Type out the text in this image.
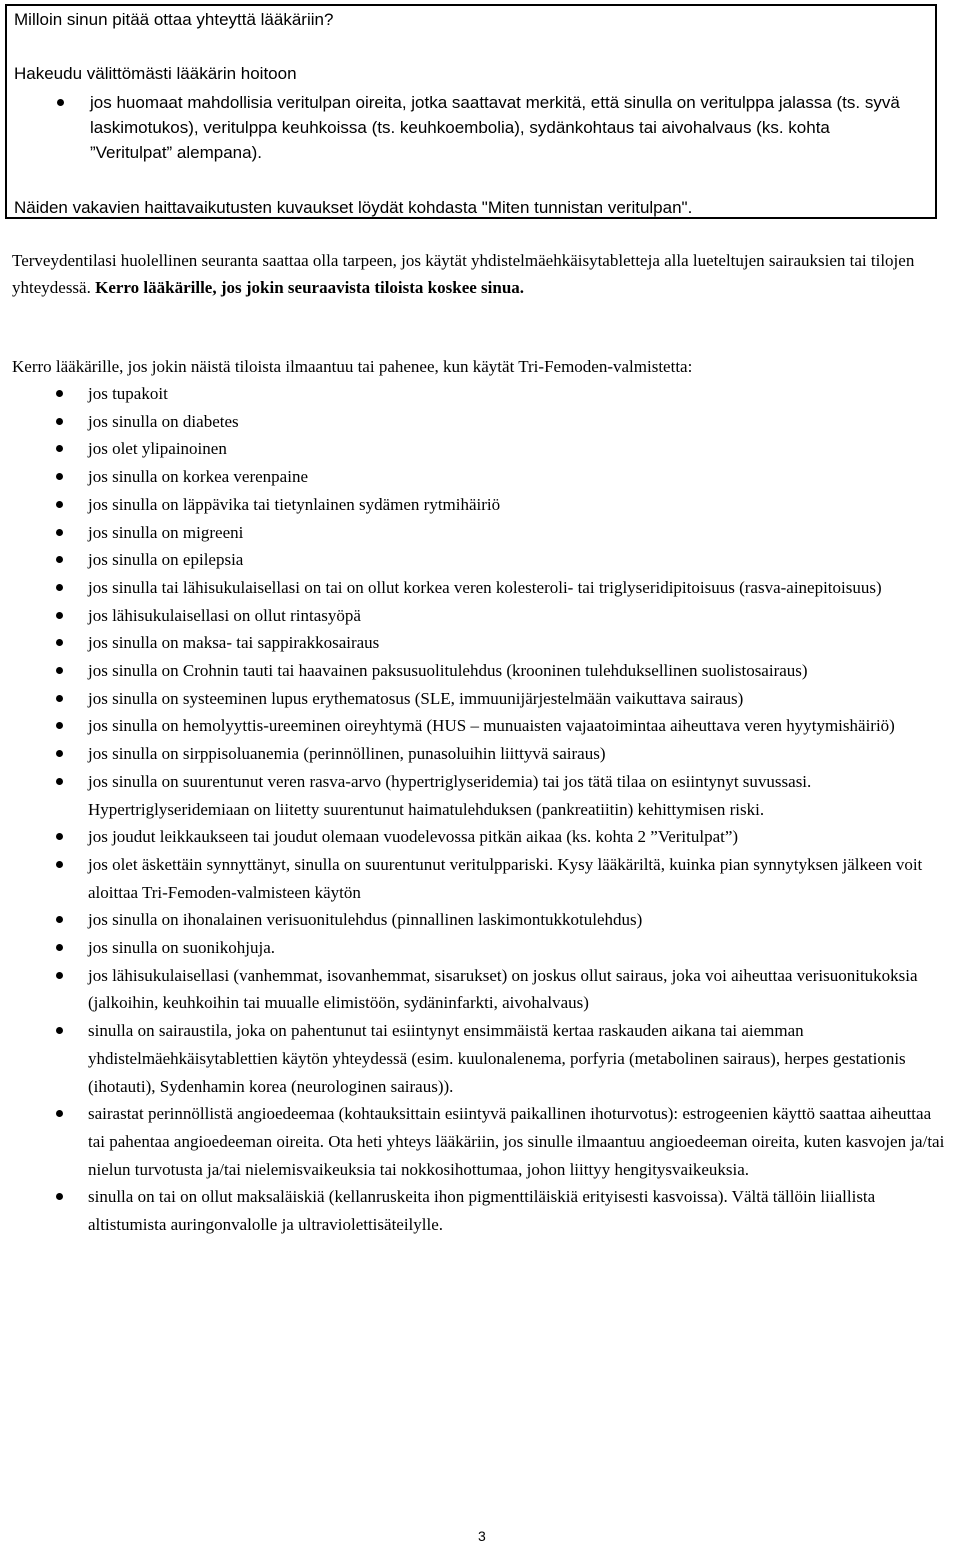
Milloin sinun pitää ottaa yhteyttä lääkäriin?
Hakeudu välittömästi lääkärin hoitoon
jos huomaat mahdollisia veritulpan oireita, jotka saattavat merkitä, että sinulla on veritulppa jalassa (ts. syvä laskimotukos), veritulppa keuhkoissa (ts. keuhkoembolia), sydänkohtaus tai aivohalvaus (ks. kohta ”Veritulpat” alempana).
Näiden vakavien haittavaikutusten kuvaukset löydät kohdasta "Miten tunnistan veritulpan".
Terveydentilasi huolellinen seuranta saattaa olla tarpeen, jos käytät yhdistelmäehkäisytabletteja alla lueteltujen sairauksien tai tilojen yhteydessä. Kerro lääkärille, jos jokin seuraavista tiloista koskee sinua.
Kerro lääkärille, jos jokin näistä tiloista ilmaantuu tai pahenee, kun käytät Tri-Femoden-valmistetta:
jos tupakoit
jos sinulla on diabetes
jos olet ylipainoinen
jos sinulla on korkea verenpaine
jos sinulla on läppävika tai tietynlainen sydämen rytmihäiriö
jos sinulla on migreeni
jos sinulla on epilepsia
jos sinulla tai lähisukulaisellasi on tai on ollut korkea veren kolesteroli- tai triglyseridipitoisuus (rasva-ainepitoisuus)
jos lähisukulaisellasi on ollut rintasyöpä
jos sinulla on maksa- tai sappirakkosairaus
jos sinulla on Crohnin tauti tai haavainen paksusuolitulehdus (krooninen tulehduksellinen suolistosairaus)
jos sinulla on systeeminen lupus erythematosus (SLE, immuunijärjestelmään vaikuttava sairaus)
jos sinulla on hemolyyttis-ureeminen oireyhtymä (HUS – munuaisten vajaatoimintaa aiheuttava veren hyytymishäiriö)
jos sinulla on sirppisoluanemia (perinnöllinen, punasoluihin liittyvä sairaus)
jos sinulla on suurentunut veren rasva-arvo (hypertriglyseridemia) tai jos tätä tilaa on esiintynyt suvussasi. Hypertriglyseridemiaan on liitetty suurentunut haimatulehduksen (pankreatiitin) kehittymisen riski.
jos joudut leikkaukseen tai joudut olemaan vuodelevossa pitkän aikaa (ks. kohta 2 ”Veritulpat”)
jos olet äskettäin synnyttänyt, sinulla on suurentunut veritulppariski. Kysy lääkäriltä, kuinka pian synnytyksen jälkeen voit aloittaa Tri-Femoden-valmisteen käytön
jos sinulla on ihonalainen verisuonitulehdus (pinnallinen laskimontukkotulehdus)
jos sinulla on suonikohjuja.
jos lähisukulaisellasi (vanhemmat, isovanhemmat, sisarukset) on joskus ollut sairaus, joka voi aiheuttaa verisuonitukoksia (jalkoihin, keuhkoihin tai muualle elimistöön, sydäninfarkti, aivohalvaus)
sinulla on sairaustila, joka on pahentunut tai esiintynyt ensimmäistä kertaa raskauden aikana tai aiemman yhdistelmäehkäisytablettien käytön yhteydessä (esim. kuulonalenema, porfyria (metabolinen sairaus), herpes gestationis (ihotauti), Sydenhamin korea (neurologinen sairaus)).
sairastat perinnöllistä angioedeemaa (kohtauksittain esiintyvä paikallinen ihoturvotus): estrogeenien käyttö saattaa aiheuttaa tai pahentaa angioedeeman oireita. Ota heti yhteys lääkäriin, jos sinulle ilmaantuu angioedeeman oireita, kuten kasvojen ja/tai nielun turvotusta ja/tai nielemisvaikeuksia tai nokkosihottumaa, johon liittyy hengitysvaikeuksia.
sinulla on tai on ollut maksaläiskiä (kellanruskeita ihon pigmenttiläiskiä erityisesti kasvoissa). Vältä tällöin liiallista altistumista auringonvalolle ja ultraviolettisäteilylle.
3
